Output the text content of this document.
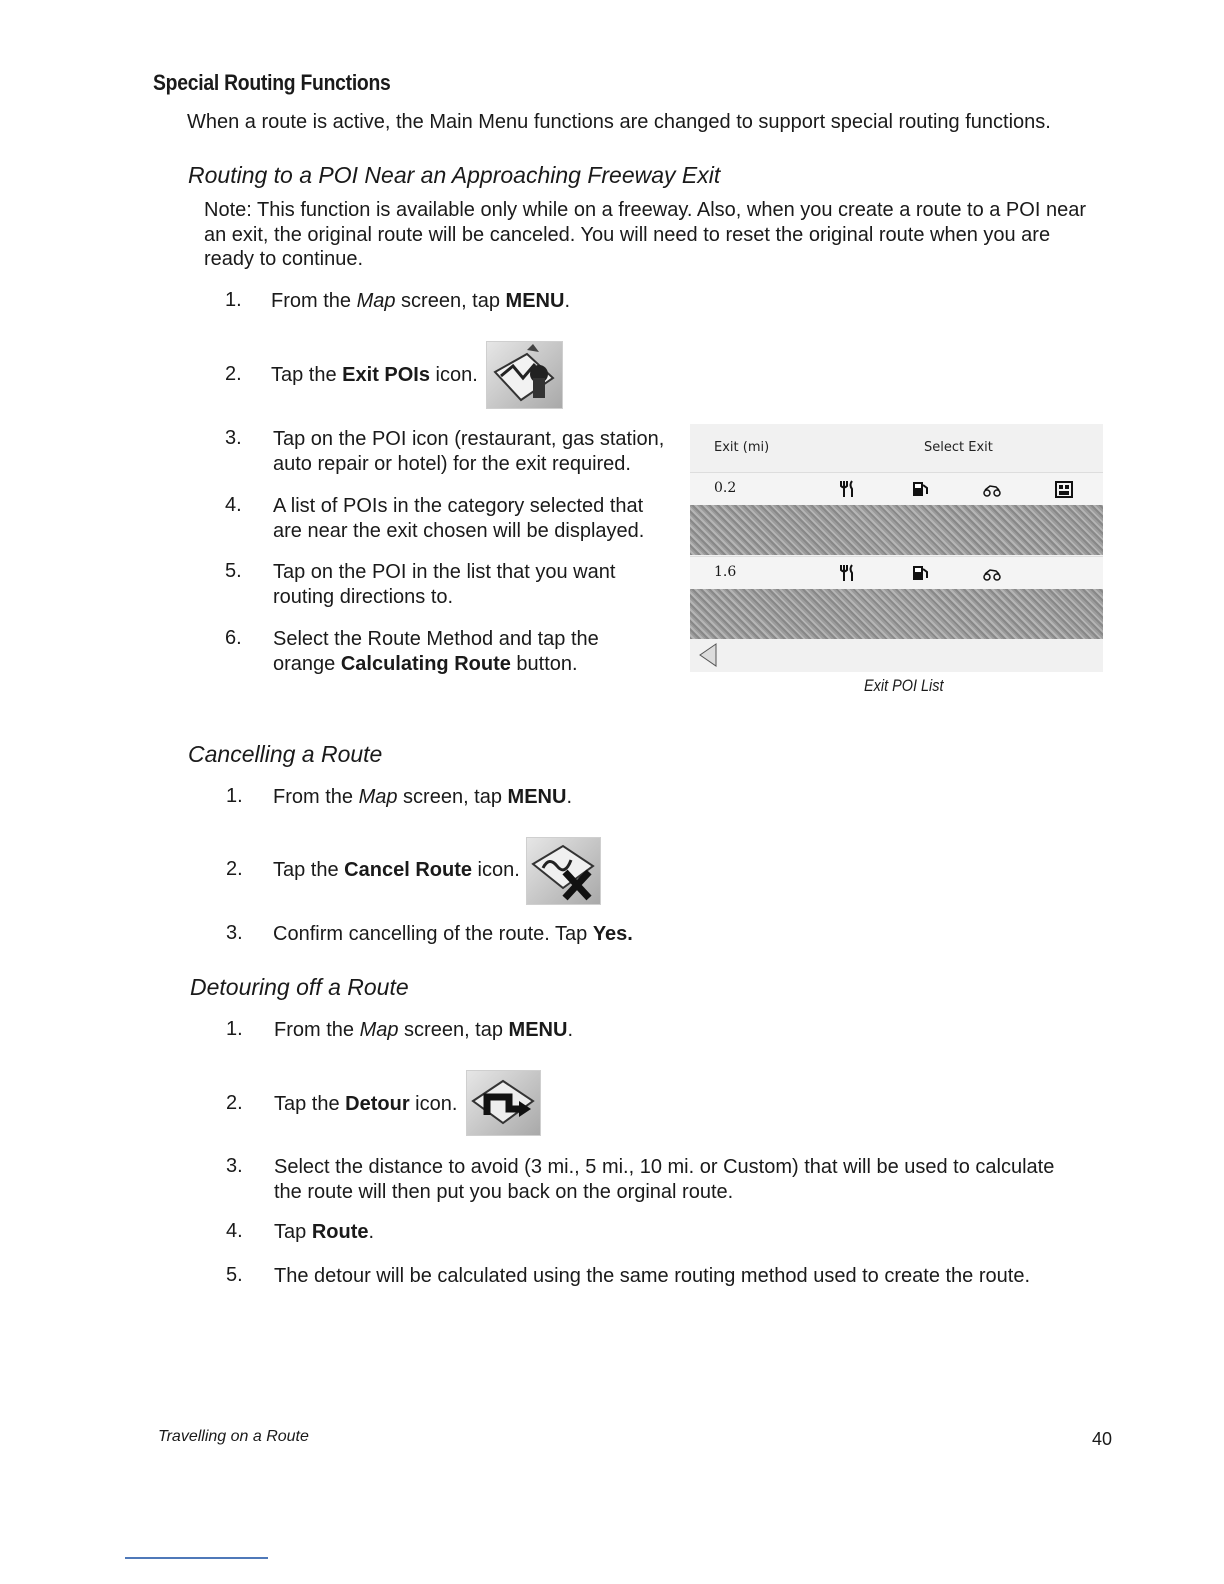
Special Routing Functions
When a route is active, the Main Menu functions are changed to support special routing functions.
Routing to a POI Near an Approaching Freeway Exit
Note: This function is available only while on a freeway. Also, when you create a route to a POI near
an exit, the original route will be canceled. You will need to reset the original route when you are
ready to continue.
1.	From the Map screen, tap MENU.
2.	Tap the Exit POIs icon.
3.	Tap on the POI icon (restaurant, gas station,
auto repair or hotel) for the exit required.
4.	A list of POIs in the category selected that
are near the exit chosen will be displayed.
5.	Tap on the POI in the list that you want
routing directions to.
6.	Select the Route Method and tap the
orange Calculating Route button.
Exit (mi)	Select Exit
0.2
1.6
Exit POI List
Cancelling a Route
1.	From the Map screen, tap MENU.
2.	Tap the Cancel Route icon.
3.	Confirm cancelling of the route. Tap Yes.
Detouring off a Route
1.	From the Map screen, tap MENU.
2.	Tap the Detour icon.
3.	Select the distance to avoid (3 mi., 5 mi., 10 mi. or Custom) that will be used to calculate
the route will then put you back on the orginal route.
4.	Tap Route.
5.	The detour will be calculated using the same routing method used to create the route.
Travelling on a Route	40
